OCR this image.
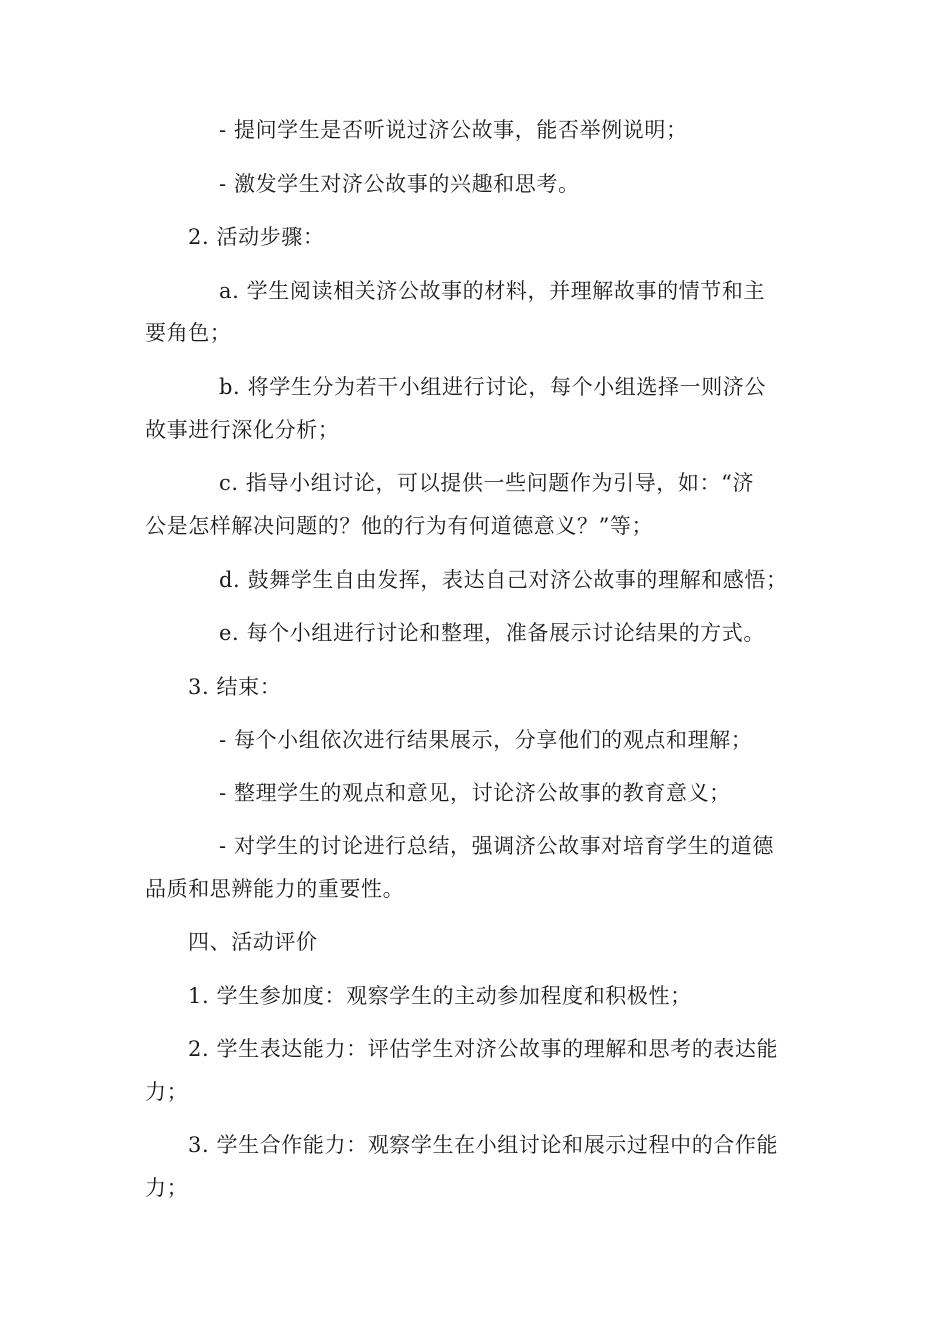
- 提问学生是否听说过济公故事，能否举例说明；
- 激发学生对济公故事的兴趣和思考。
2. 活动步骤：
a. 学生阅读相关济公故事的材料，并理解故事的情节和主
要角色；
b. 将学生分为若干小组进行讨论，每个小组选择一则济公
故事进行深化分析；
c. 指导小组讨论，可以提供一些问题作为引导，如：“济
公是怎样解决问题的？他的行为有何道德意义？”等；
d. 鼓舞学生自由发挥，表达自己对济公故事的理解和感悟；
e. 每个小组进行讨论和整理，准备展示讨论结果的方式。
3. 结束：
- 每个小组依次进行结果展示，分享他们的观点和理解；
- 整理学生的观点和意见，讨论济公故事的教育意义；
- 对学生的讨论进行总结，强调济公故事对培育学生的道德
品质和思辨能力的重要性。
四、活动评价
1. 学生参加度：观察学生的主动参加程度和积极性；
2. 学生表达能力：评估学生对济公故事的理解和思考的表达能
力；
3. 学生合作能力：观察学生在小组讨论和展示过程中的合作能
力；
